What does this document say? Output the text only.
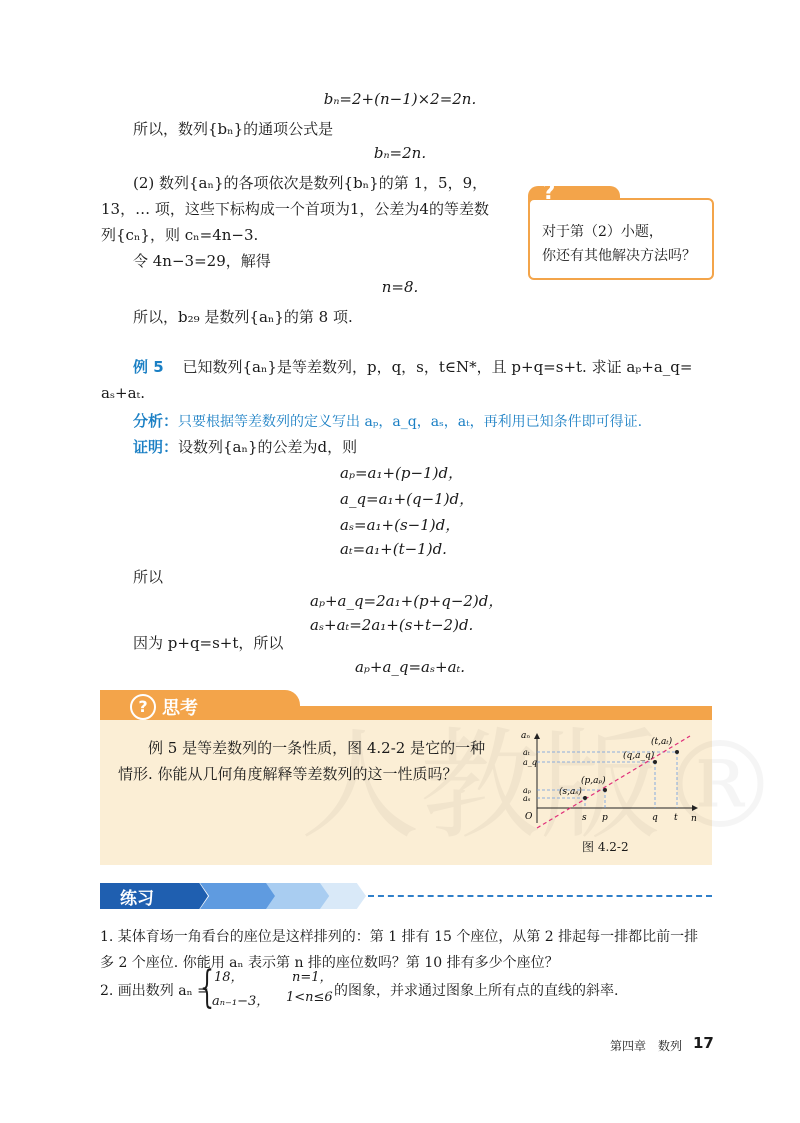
bₙ=2+(n−1)×2=2n.
所以，数列{bₙ}的通项公式是
bₙ=2n.
(2) 数列{aₙ}的各项依次是数列{bₙ}的第 1，5，9，
13，… 项，这些下标构成一个首项为1，公差为4的等差数
列{cₙ}，则 cₙ=4n−3.
令 4n−3=29，解得
n=8.
所以，b₂₉ 是数列{aₙ}的第 8 项.
?
对于第（2）小题，
你还有其他解决方法吗？
例 5 已知数列{aₙ}是等差数列，p，q，s，t∈N*，且 p+q=s+t. 求证 aₚ+a_q=
aₛ+aₜ.
分析：只要根据等差数列的定义写出 aₚ，a_q，aₛ，aₜ，再利用已知条件即可得证.
证明：设数列{aₙ}的公差为d，则
aₚ=a₁+(p−1)d，
a_q=a₁+(q−1)d，
aₛ=a₁+(s−1)d，
aₜ=a₁+(t−1)d.
所以
aₚ+a_q=2a₁+(p+q−2)d，
aₛ+aₜ=2a₁+(s+t−2)d.
因为 p+q=s+t，所以
aₚ+a_q=aₛ+aₜ.
? 思考
例 5 是等差数列的一条性质，图 4.2-2 是它的一种情形. 你能从几何角度解释等差数列的这一性质吗？
aₙ
n
O
aₜ
a_q
aₚ
aₛ
s p	q t
(s,aₛ)
(p,aₚ)
(q,a_q)
(t,aₜ)
图 4.2-2
练习
1. 某体育场一角看台的座位是这样排列的：第 1 排有 15 个座位，从第 2 排起每一排都比前一排多 2 个座位. 你能用 aₙ 表示第 n 排的座位数吗？第 10 排有多少个座位？
2. 画出数列 aₙ =
{ 18，	n=1，
aₙ₋₁−3， 1<n≤6 的图象，并求通过图象上所有点的直线的斜率.
第四章　数列 17
